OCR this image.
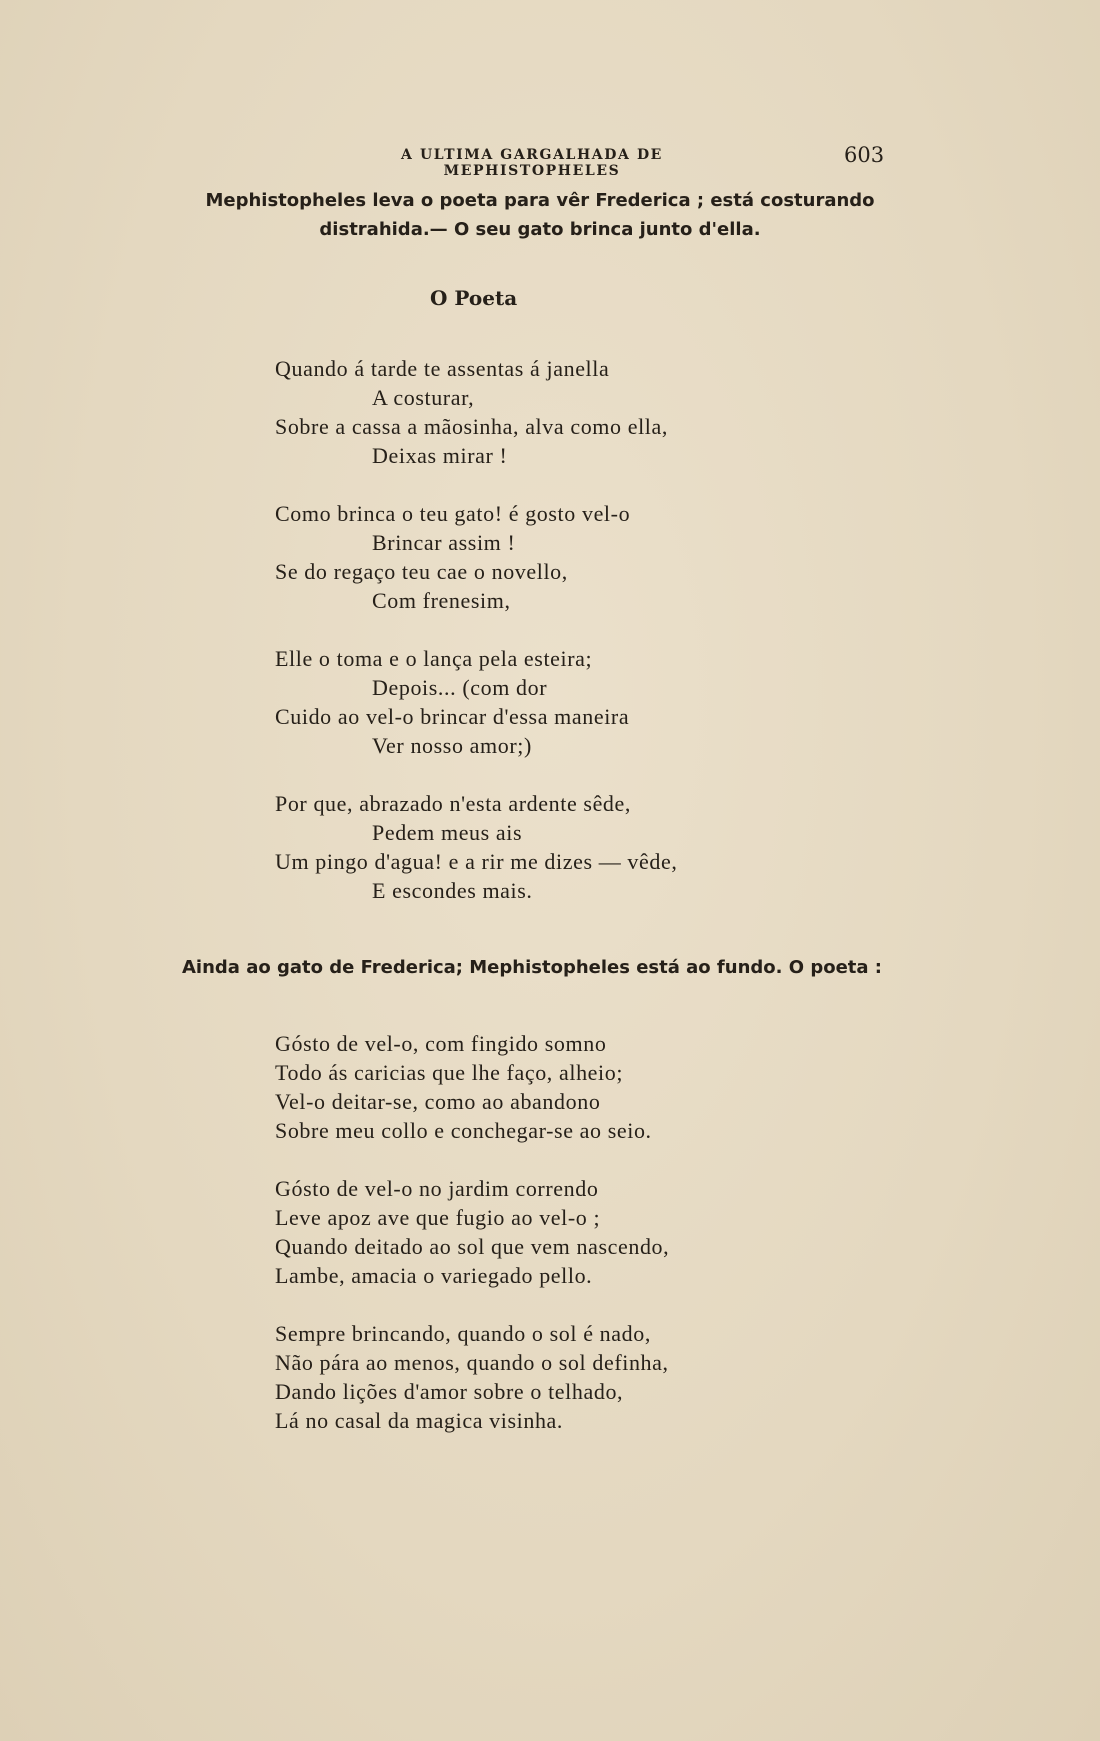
A ULTIMA GARGALHADA DE MEPHISTOPHELES
603
Mephistopheles leva o poeta para vêr Frederica ; está costurando distrahida.— O seu gato brinca junto d'ella.
O Poeta
Quando á tarde te assentas á janella
A costurar,
Sobre a cassa a mãosinha, alva como ella,
Deixas mirar !
Como brinca o teu gato! é gosto vel-o
Brincar assim !
Se do regaço teu cae o novello,
Com frenesim,
Elle o toma e o lança pela esteira;
Depois... (com dor
Cuido ao vel-o brincar d'essa maneira
Ver nosso amor;)
Por que, abrazado n'esta ardente sêde,
Pedem meus ais
Um pingo d'agua! e a rir me dizes — vêde,
E escondes mais.
Ainda ao gato de Frederica; Mephistopheles está ao fundo. O poeta :
Gósto de vel-o, com fingido somno
Todo ás caricias que lhe faço, alheio;
Vel-o deitar-se, como ao abandono
Sobre meu collo e conchegar-se ao seio.
Gósto de vel-o no jardim correndo
Leve apoz ave que fugio ao vel-o ;
Quando deitado ao sol que vem nascendo,
Lambe, amacia o variegado pello.
Sempre brincando, quando o sol é nado,
Não pára ao menos, quando o sol definha,
Dando lições d'amor sobre o telhado,
Lá no casal da magica visinha.
